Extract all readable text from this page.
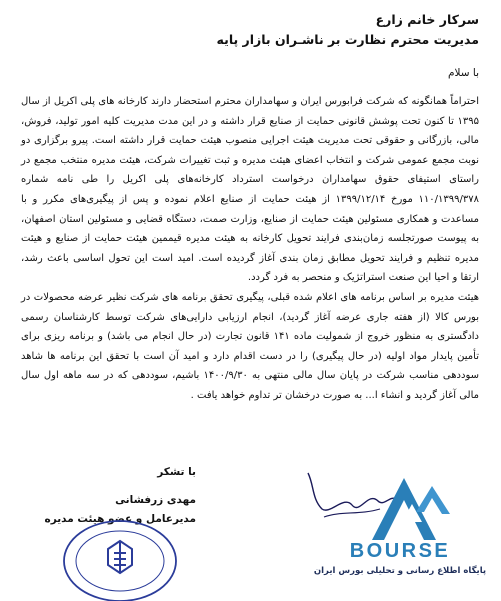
سرکار خانم زارع
مدیریت محترم نظارت بر ناشـران بازار پایه
با سلام

احتراماً همانگونه که شرکت فرابورس ایران و سهامداران محترم استحضار دارند کارخانه های پلی اکریل از سال ۱۳۹۵ تا کنون تحت پوشش قانونی حمایت از صنایع قرار داشته و در این مدت مدیریت کلیه امور تولید، فروش، مالی، بازرگانی و حقوقی تحت مدیریت هیئت اجرایی منصوب هیئت حمایت قرار داشته است. پیرو برگزاری دو نوبت مجمع عمومی شرکت و انتخاب اعضای هیئت مدیره و ثبت تغییرات شرکت، هیئت مدیره منتخب مجمع در راستای استیفای حقوق سهامداران درخواست استرداد کارخانه‌های پلی اکریل را طی نامه شماره ۱۱۰/۱۳۹۹/۳۷۸ مورخ ۱۳۹۹/۱۲/۱۴ از هیئت حمایت از صنایع اعلام نموده و پس از پیگیری‌های مکرر و با مساعدت و همکاری مسئولین هیئت حمایت از صنایع، وزارت صمت، دستگاه قضایی و مسئولین استان اصفهان، به پیوست صورتجلسه زمان‌بندی فرایند تحویل کارخانه به هیئت مدیره قیممین هیئت حمایت از صنایع و هیئت مدیره تنظیم و فرایند تحویل مطابق زمان بندی آغاز گردیده است. امید است این تحول اساسی باعث رشد، ارتقا و احیا این صنعت استراتژیک و منحصر به فرد گردد.

هیئت مدیره بر اساس برنامه های اعلام شده قبلی، پیگیری تحقق برنامه های شرکت نظیر عرضه محصولات در بورس کالا (از هفته جاری عرضه آغاز گردید)، انجام ارزیابی دارایی‌های شرکت توسط کارشناسان رسمی دادگستری به منظور خروج از شمولیت ماده ۱۴۱ قانون تجارت (در حال انجام می باشد) و برنامه ریزی برای تأمین پایدار مواد اولیه (در حال پیگیری) را در دست اقدام دارد و امید آن است با تحقق این برنامه ها شاهد سوددهی مناسب شرکت در پایان سال مالی منتهی به ۱۴۰۰/۹/۳۰ باشیم، سوددهی که در سه ماهه اول سال مالی آغاز گردید و انشاء ا... به صورت درخشان تر تداوم خواهد یافت .

با تشکر
مهدی زرفشانی
مدیرعامل و عضو هیئت مدیره
BOURSE
پایگاه اطلاع رسانی و تحلیلی بورس ایران
